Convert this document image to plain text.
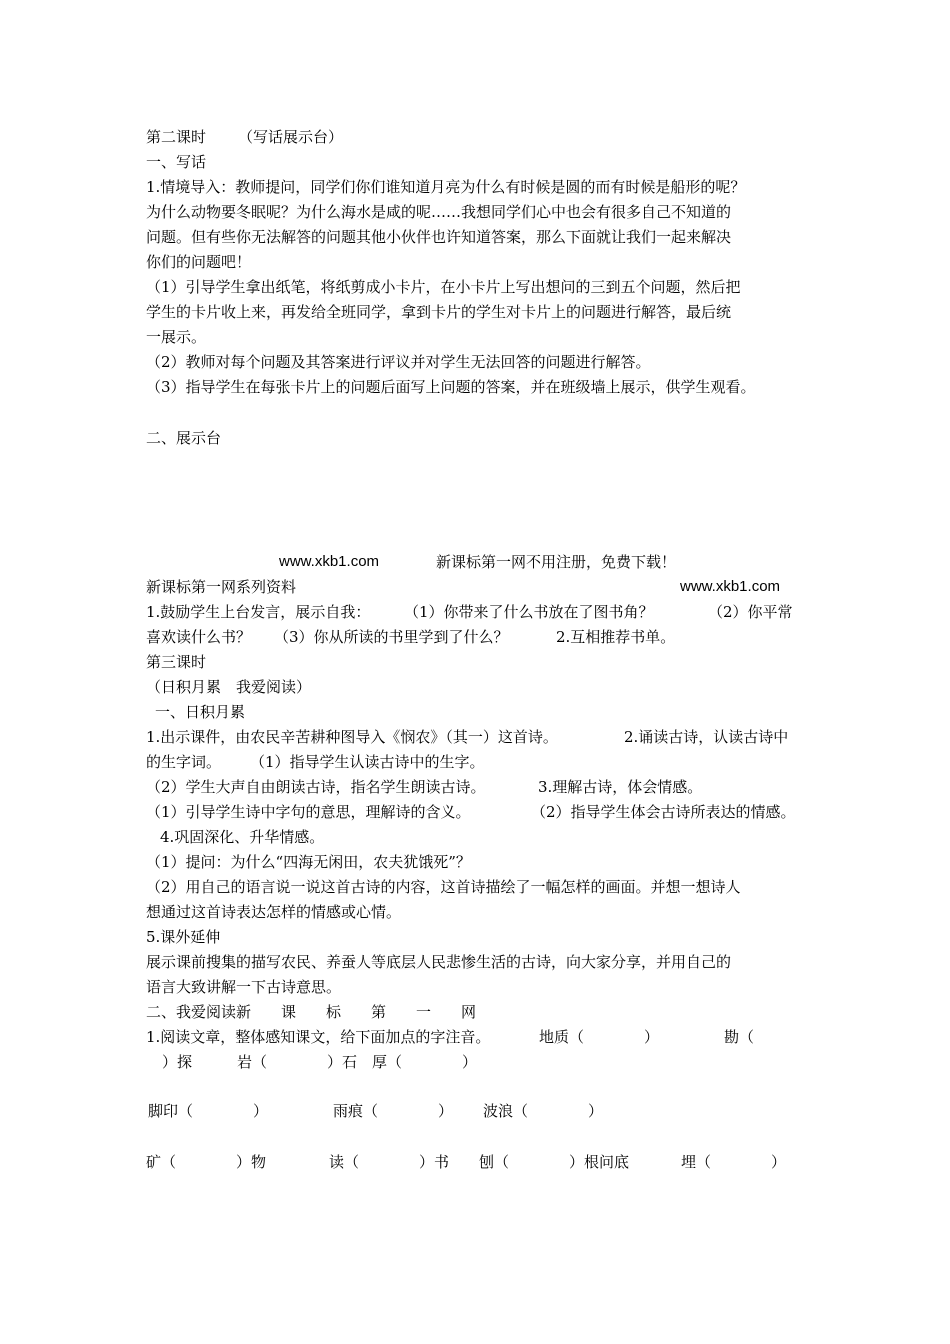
第二课时 （写话展示台）
一、写话
1.情境导入：教师提问，同学们你们谁知道月亮为什么有时候是圆的而有时候是船形的呢？
为什么动物要冬眠呢？为什么海水是咸的呢……我想同学们心中也会有很多自己不知道的
问题。但有些你无法解答的问题其他小伙伴也许知道答案，那么下面就让我们一起来解决
你们的问题吧！
（1）引导学生拿出纸笔，将纸剪成小卡片，在小卡片上写出想问的三到五个问题，然后把
学生的卡片收上来，再发给全班同学，拿到卡片的学生对卡片上的问题进行解答，最后统
一展示。
（2）教师对每个问题及其答案进行评议并对学生无法回答的问题进行解答。
（3）指导学生在每张卡片上的问题后面写上问题的答案，并在班级墙上展示，供学生观看。
二、展示台
www.xkb1.com	新课标第一网不用注册，免费下载！
新课标第一网系列资料	www.xkb1.com
1.鼓励学生上台发言，展示自我： （1）你带来了什么书放在了图书角？	（2）你平常
喜欢读什么书？ （3）你从所读的书里学到了什么？	2.互相推荐书单。
第三课时
（日积月累　我爱阅读）
一、日积月累
1.出示课件，由农民辛苦耕种图导入《悯农》（其一）这首诗。	2.诵读古诗，认读古诗中
的生字词。 （1）指导学生认读古诗中的生字。
（2）学生大声自由朗读古诗，指名学生朗读古诗。	3.理解古诗，体会情感。
（1）引导学生诗中字句的意思，理解诗的含义。	（2）指导学生体会古诗所表达的情感。
4.巩固深化、升华情感。
（1）提问：为什么“四海无闲田，农夫犹饿死”？
（2）用自己的语言说一说这首古诗的内容，这首诗描绘了一幅怎样的画面。并想一想诗人
想通过这首诗表达怎样的情感或心情。
5.课外延伸
展示课前搜集的描写农民、养蚕人等底层人民悲惨生活的古诗，向大家分享，并用自己的
语言大致讲解一下古诗意思。
二、我爱阅读新　　课　　标　　第　　一　　网
1.阅读文章，整体感知课文，给下面加点的字注音。	地质（　　　　）	勘（
）探　　　岩（　　　　）石　厚（　　　　）
脚印（　　　　）	雨痕（　　　　） 波浪（　　　　）
矿（　　　　）物	读（　　　　）书 刨（　　　　）根问底	埋（　　　　）
